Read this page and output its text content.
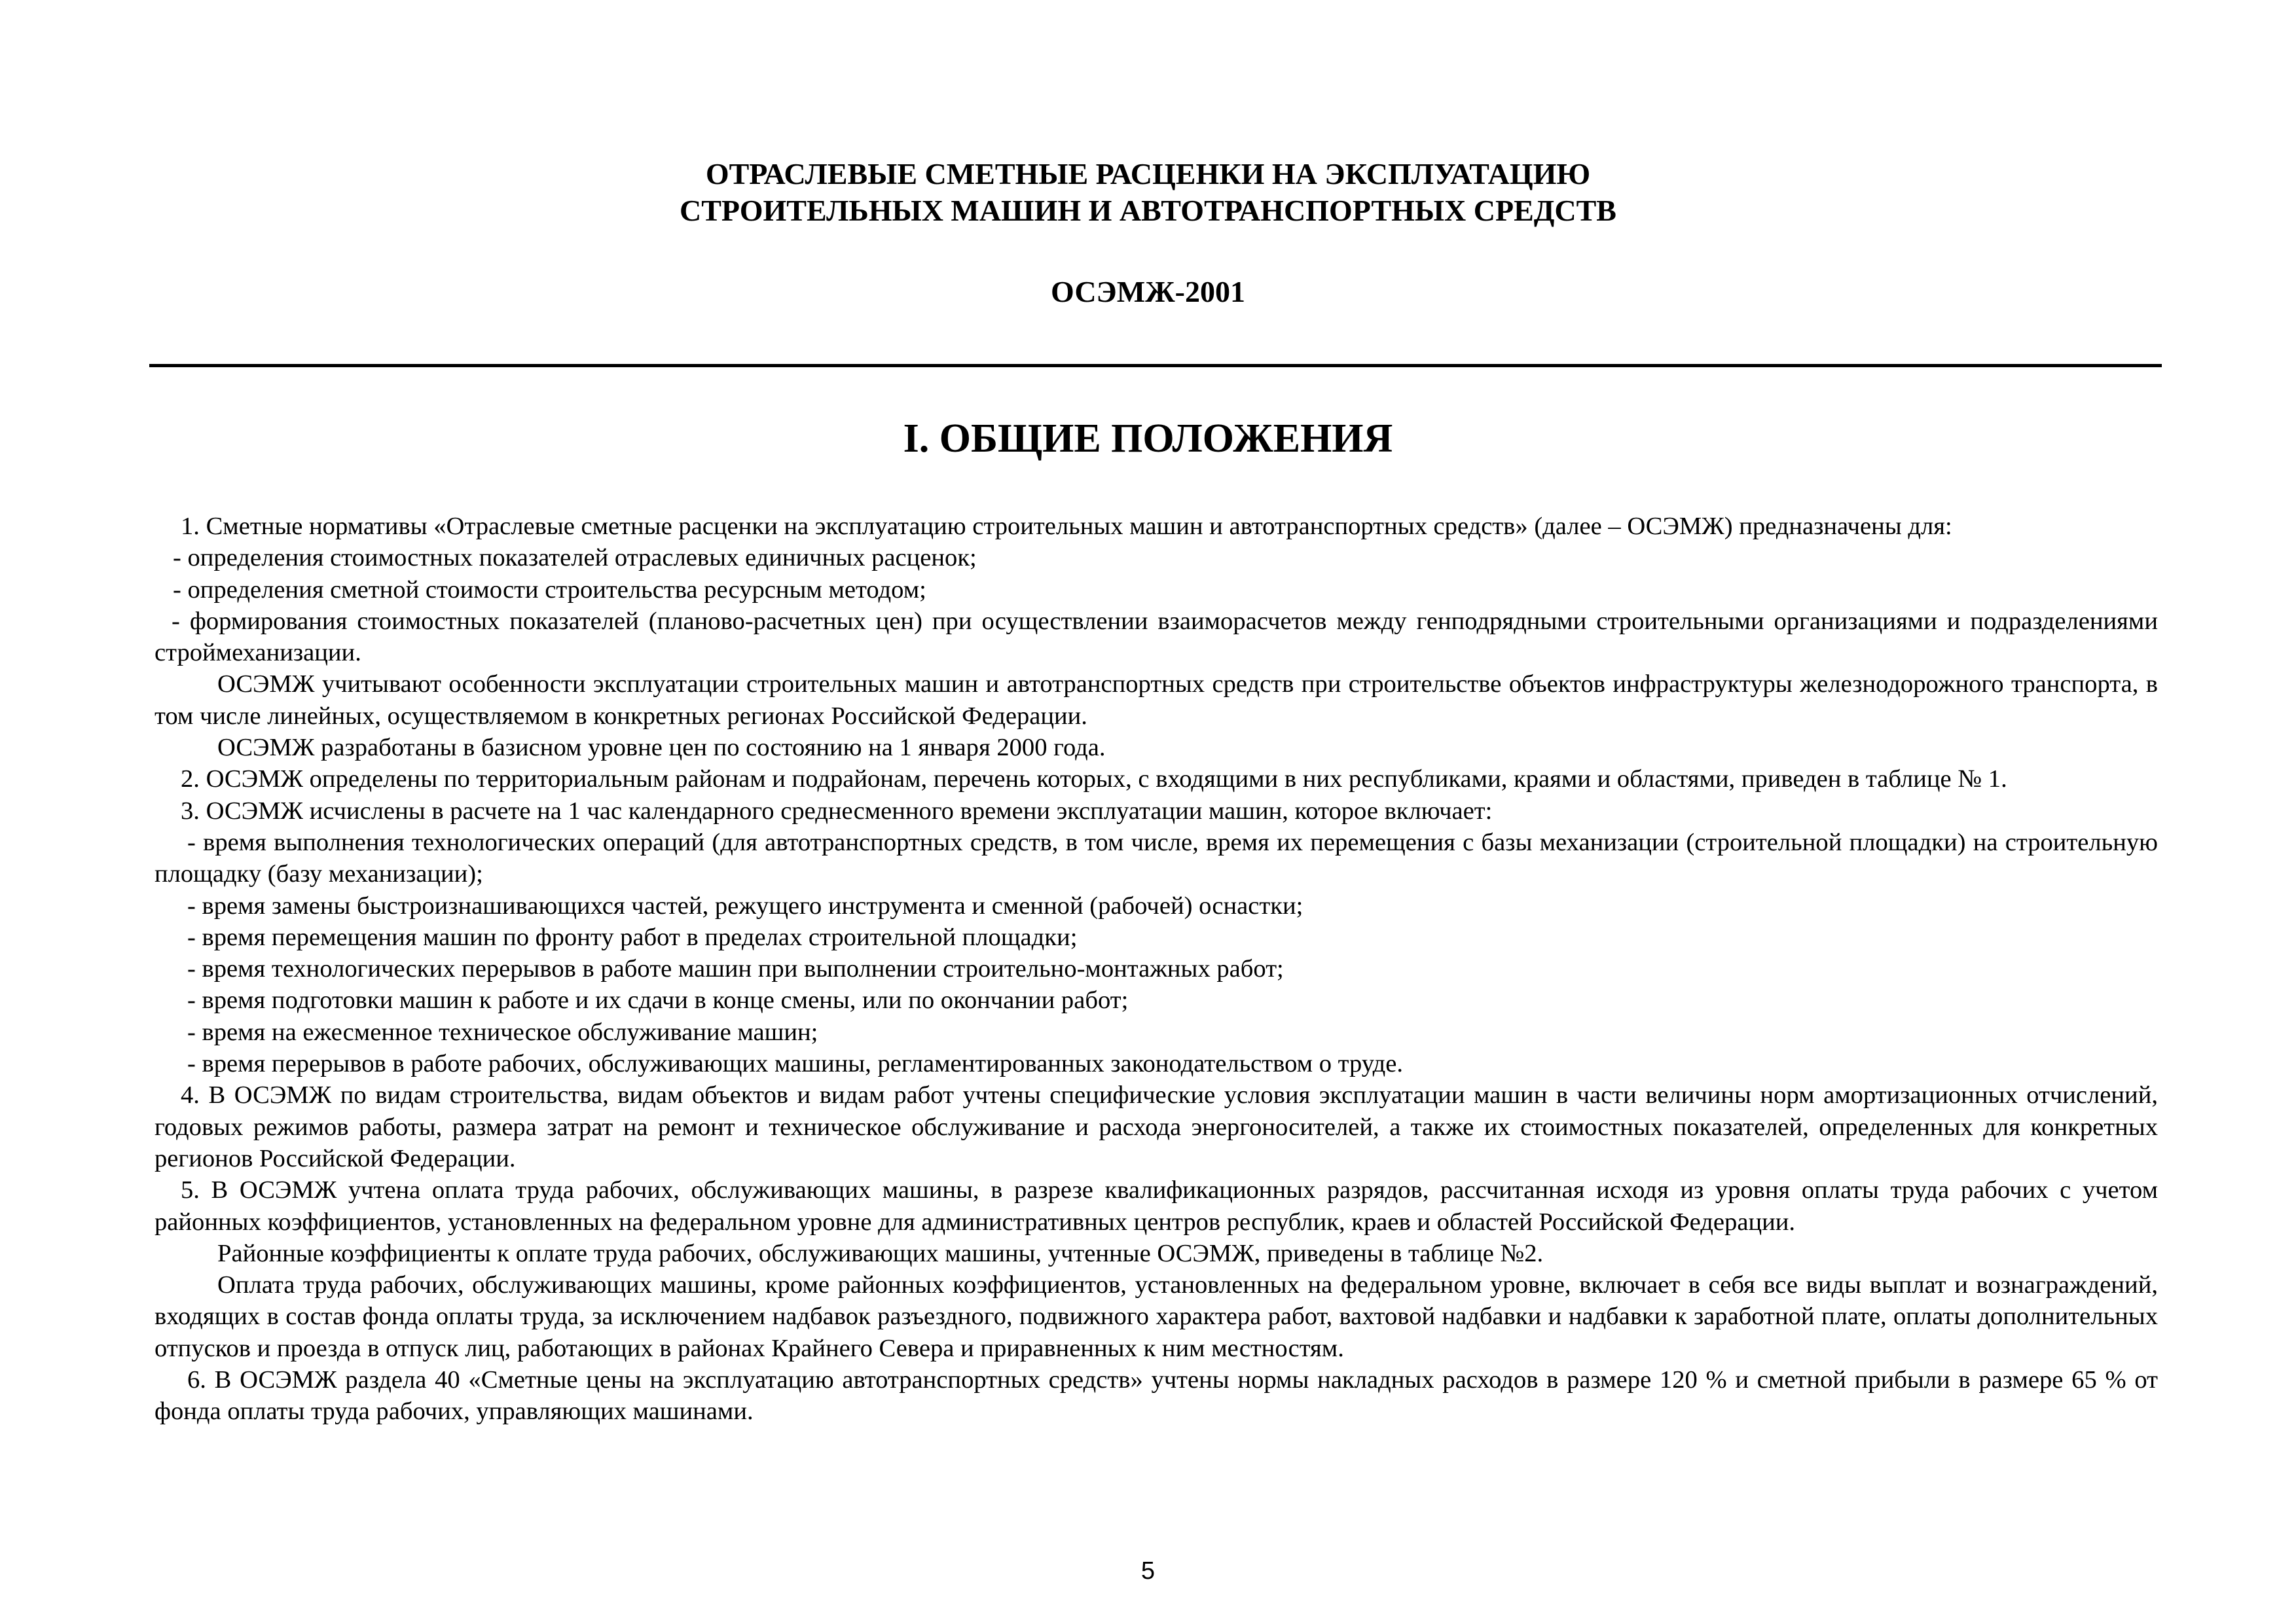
ОТРАСЛЕВЫЕ СМЕТНЫЕ РАСЦЕНКИ НА ЭКСПЛУАТАЦИЮ
СТРОИТЕЛЬНЫХ МАШИН И АВТОТРАНСПОРТНЫХ СРЕДСТВ
ОСЭМЖ-2001
I. ОБЩИЕ ПОЛОЖЕНИЯ

1. Сметные нормативы «Отраслевые сметные расценки на эксплуатацию строительных машин и автотранспортных средств» (далее – ОСЭМЖ) предназначены для:

- определения стоимостных показателей отраслевых единичных расценок;

- определения сметной стоимости строительства ресурсным методом;

- формирования стоимостных показателей (планово-расчетных цен) при осуществлении взаиморасчетов между генподрядными строительными организациями и подразделениями строймеханизации.

ОСЭМЖ учитывают особенности эксплуатации строительных машин и автотранспортных средств при строительстве объектов инфраструктуры железнодорожного транспорта, в том числе линейных, осуществляемом в конкретных регионах Российской Федерации.

ОСЭМЖ разработаны в базисном уровне цен по состоянию на 1 января 2000 года.

2. ОСЭМЖ определены по территориальным районам и подрайонам, перечень которых, с входящими в них республиками, краями и областями, приведен в таблице № 1.

3. ОСЭМЖ исчислены в расчете на 1 час календарного среднесменного времени эксплуатации машин, которое включает:

- время выполнения технологических операций (для автотранспортных средств, в том числе, время их перемещения с базы механизации (строительной площадки) на строительную площадку (базу механизации);

- время замены быстроизнашивающихся частей, режущего инструмента и сменной (рабочей) оснастки;

- время перемещения машин по фронту работ в пределах строительной площадки;

- время технологических перерывов в работе машин при выполнении строительно-монтажных работ;

- время подготовки машин к работе и их сдачи в конце смены, или по окончании работ;

- время на ежесменное техническое обслуживание машин;

- время перерывов в работе рабочих, обслуживающих машины, регламентированных законодательством о труде.

4. В ОСЭМЖ по видам строительства, видам объектов и видам работ учтены специфические условия эксплуатации машин в части величины норм амортизационных отчислений, годовых режимов работы, размера затрат на ремонт и техническое обслуживание и расхода энергоносителей, а также их стоимостных показателей, определенных для конкретных регионов Российской Федерации.

5. В ОСЭМЖ учтена оплата труда рабочих, обслуживающих машины, в разрезе квалификационных разрядов, рассчитанная исходя из уровня оплаты труда рабочих с учетом районных коэффициентов, установленных на федеральном уровне для административных центров республик, краев и областей Российской Федерации.

Районные коэффициенты к оплате труда рабочих, обслуживающих машины, учтенные ОСЭМЖ, приведены в таблице №2.

Оплата труда рабочих, обслуживающих машины, кроме районных коэффициентов, установленных на федеральном уровне, включает в себя все виды выплат и вознаграждений, входящих в состав фонда оплаты труда, за исключением надбавок разъездного, подвижного характера работ, вахтовой надбавки и надбавки к заработной плате, оплаты дополнительных отпусков и проезда в отпуск лиц, работающих в районах Крайнего Севера и приравненных к ним местностям.

6. В ОСЭМЖ раздела 40 «Сметные цены на эксплуатацию автотранспортных средств» учтены нормы накладных расходов в размере 120 % и сметной прибыли в размере 65 % от фонда оплаты труда рабочих, управляющих машинами.

5
